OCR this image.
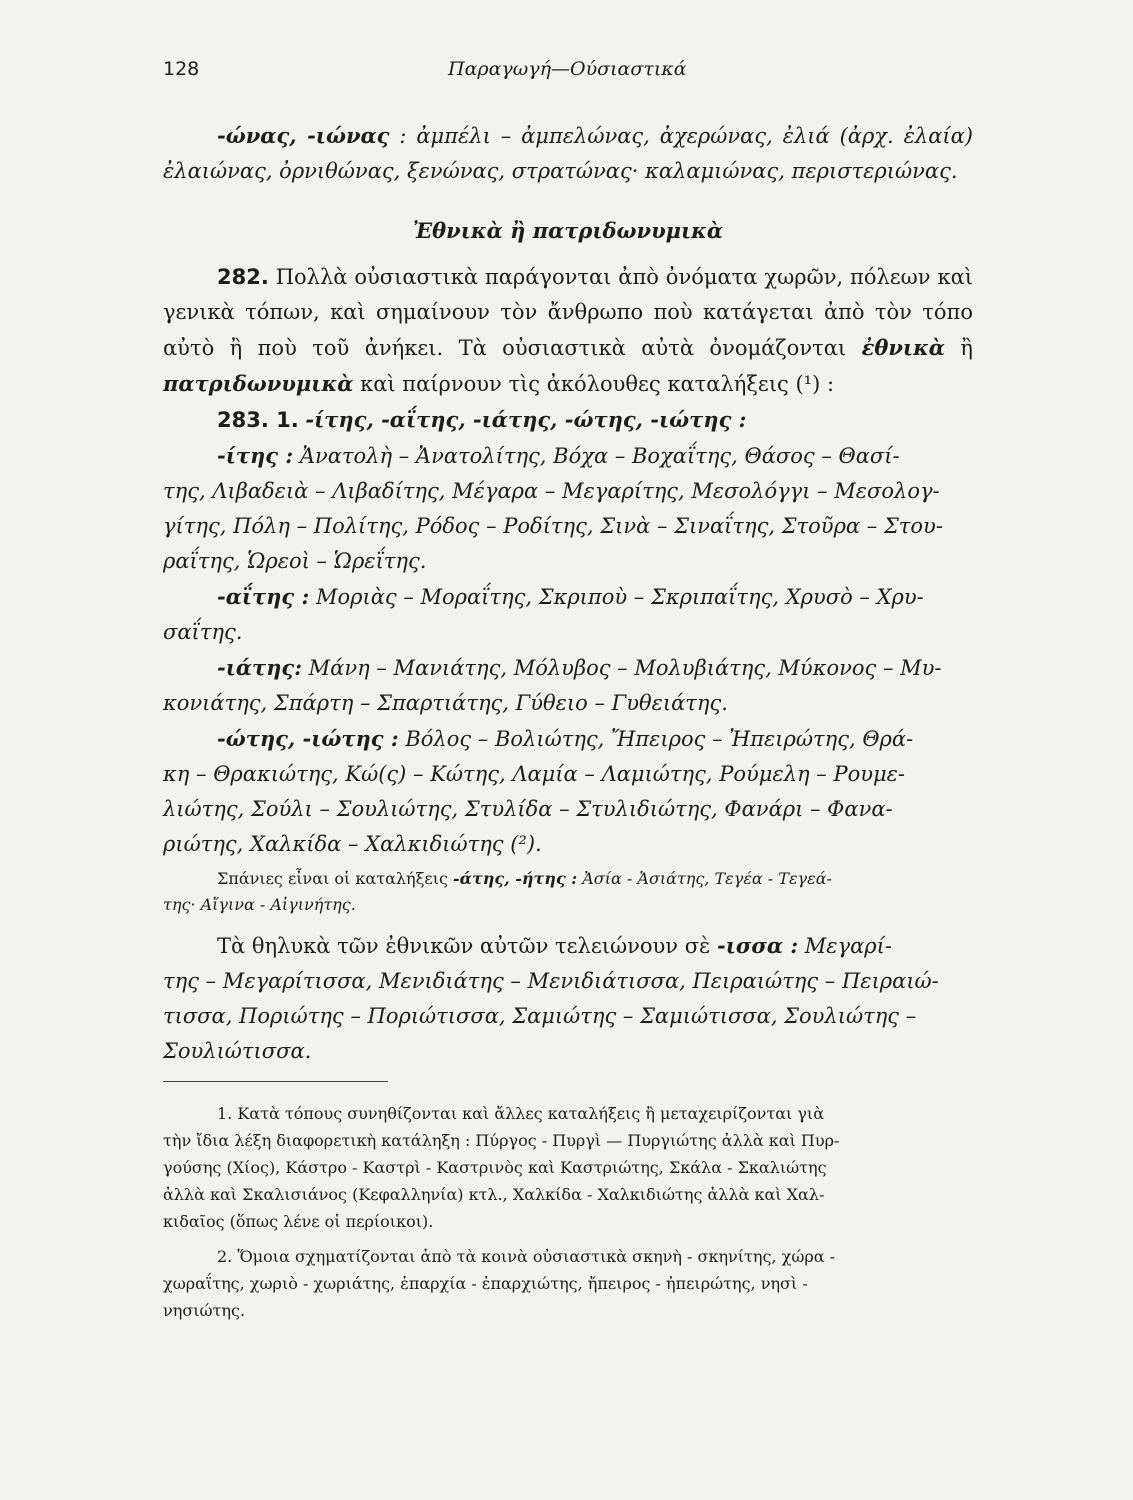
128	Παραγωγή—Ούσιαστικά
-ώνας, -ιώνας : ἀμπέλι – ἀμπελώνας, ἀχερώνας, ἐλιά (ἀρχ. ἐλαία) ἐλαιώνας, ὀρνιθώνας, ξενώνας, στρατώνας· καλαμιώνας, περιστεριώνας.
Ἐθνικὰ ἢ πατριδωνυμικὰ
282. Πολλὰ οὐσιαστικὰ παράγονται ἀπὸ ὀνόματα χωρῶν, πόλεων καὶ γενικὰ τόπων, καὶ σημαίνουν τὸν ἄνθρωπο ποὺ κατάγεται ἀπὸ τὸν τόπο αὐτὸ ἢ ποὺ τοῦ ἀνήκει. Τὰ οὐσιαστικὰ αὐτὰ ὀνομάζονται ἐθνικὰ ἢ πατριδωνυμικὰ καὶ παίρνουν τὶς ἀκόλουθες καταλήξεις (¹) :
283. 1. -ίτης, -αΐτης, -ιάτης, -ώτης, -ιώτης :
-ίτης : Ἀνατολὴ – Ἀνατολίτης, Βόχα – Βοχαΐτης, Θάσος – Θασί-
της, Λιβαδειὰ – Λιβαδίτης, Μέγαρα – Μεγαρίτης, Μεσολόγγι – Μεσολογ-
γίτης, Πόλη – Πολίτης, Ρόδος – Ροδίτης, Σινὰ – Σιναΐτης, Στοῦρα – Στου-
ραΐτης, Ὡρεοὶ – Ὡρεΐτης.
-αΐτης : Μοριὰς – Μοραΐτης, Σκριποὺ – Σκριπαΐτης, Χρυσὸ – Χρυ-
σαΐτης.
-ιάτης: Μάνη – Μανιάτης, Μόλυβος – Μολυβιάτης, Μύκονος – Μυ-
κονιάτης, Σπάρτη – Σπαρτιάτης, Γύθειο – Γυθειάτης.
-ώτης, -ιώτης : Βόλος – Βολιώτης, Ἤπειρος – Ἠπειρώτης, Θρά-
κη – Θρακιώτης, Κώ(ς) – Κώτης, Λαμία – Λαμιώτης, Ρούμελη – Ρουμε-
λιώτης, Σούλι – Σουλιώτης, Στυλίδα – Στυλιδιώτης, Φανάρι – Φανα-
ριώτης, Χαλκίδα – Χαλκιδιώτης (²).
Σπάνιες εἶναι οἱ καταλήξεις -άτης, -ήτης : Ἀσία - Ἀσιάτης, Τεγέα - Τεγεά-
της· Αἴγινα - Αἰγινήτης.
Τὰ θηλυκὰ τῶν ἐθνικῶν αὐτῶν τελειώνουν σὲ -ισσα : Μεγαρί-
της – Μεγαρίτισσα, Μενιδιάτης – Μενιδιάτισσα, Πειραιώτης – Πειραιώ-
τισσα, Ποριώτης – Ποριώτισσα, Σαμιώτης – Σαμιώτισσα, Σουλιώτης –
Σουλιώτισσα.
1. Κατὰ τόπους συνηθίζονται καὶ ἄλλες καταλήξεις ἢ μεταχειρίζονται γιὰ
τὴν ἴδια λέξη διαφορετικὴ κατάληξη : Πύργος - Πυργὶ — Πυργιώτης ἀλλὰ καὶ Πυρ-
γούσης (Χίος), Κάστρο - Καστρὶ - Καστρινὸς καὶ Καστριώτης, Σκάλα - Σκαλιώτης
ἀλλὰ καὶ Σκαλισιάνος (Κεφαλληνία) κτλ., Χαλκίδα - Χαλκιδιώτης ἀλλὰ καὶ Χαλ-
κιδαῖος (ὅπως λένε οἱ περίοικοι).
2. Ὅμοια σχηματίζονται ἀπὸ τὰ κοινὰ οὐσιαστικὰ σκηνὴ - σκηνίτης, χώρα -
χωραΐτης, χωριὸ - χωριάτης, ἐπαρχία - ἐπαρχιώτης, ἤπειρος - ἠπειρώτης, νησὶ -
νησιώτης.
